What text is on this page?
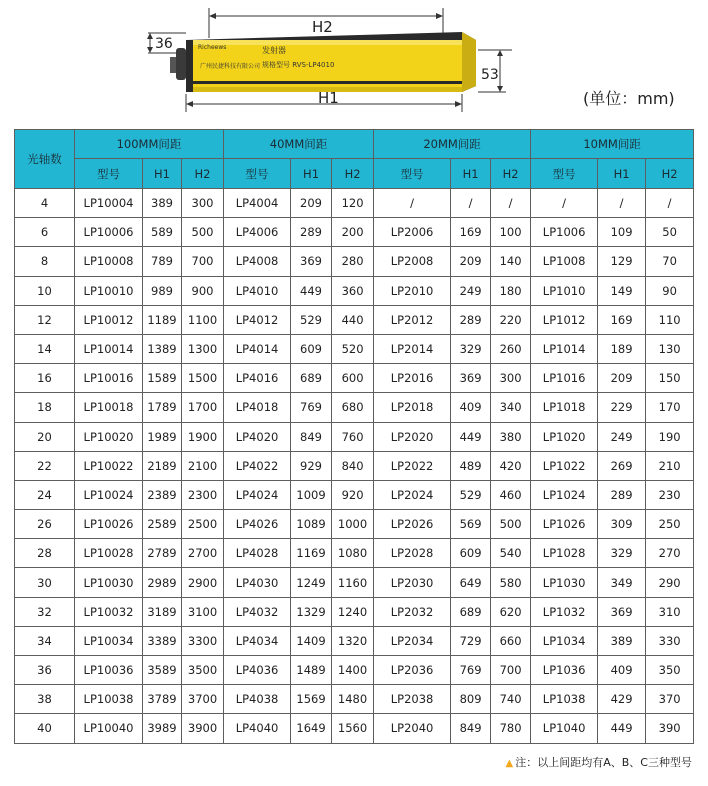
H2
H1
36
53
Richeews	发射器
广州民捷科技有限公司 规格型号 RVS-LP4010
(单位：mm)
光轴数	100MM间距			40MM间距			20MM间距			10MM间距		
	型号	H1	H2	型号	H1	H2	型号	H1	H2	型号	H1	H2
4	LP10004	389	300	LP4004	209	120	/	/	/	/	/	/
6	LP10006	589	500	LP4006	289	200	LP2006	169	100	LP1006	109	50
8	LP10008	789	700	LP4008	369	280	LP2008	209	140	LP1008	129	70
10	LP10010	989	900	LP4010	449	360	LP2010	249	180	LP1010	149	90
12	LP10012	1189	1100	LP4012	529	440	LP2012	289	220	LP1012	169	110
14	LP10014	1389	1300	LP4014	609	520	LP2014	329	260	LP1014	189	130
16	LP10016	1589	1500	LP4016	689	600	LP2016	369	300	LP1016	209	150
18	LP10018	1789	1700	LP4018	769	680	LP2018	409	340	LP1018	229	170
20	LP10020	1989	1900	LP4020	849	760	LP2020	449	380	LP1020	249	190
22	LP10022	2189	2100	LP4022	929	840	LP2022	489	420	LP1022	269	210
24	LP10024	2389	2300	LP4024	1009	920	LP2024	529	460	LP1024	289	230
26	LP10026	2589	2500	LP4026	1089	1000	LP2026	569	500	LP1026	309	250
28	LP10028	2789	2700	LP4028	1169	1080	LP2028	609	540	LP1028	329	270
30	LP10030	2989	2900	LP4030	1249	1160	LP2030	649	580	LP1030	349	290
32	LP10032	3189	3100	LP4032	1329	1240	LP2032	689	620	LP1032	369	310
34	LP10034	3389	3300	LP4034	1409	1320	LP2034	729	660	LP1034	389	330
36	LP10036	3589	3500	LP4036	1489	1400	LP2036	769	700	LP1036	409	350
38	LP10038	3789	3700	LP4038	1569	1480	LP2038	809	740	LP1038	429	370
40	LP10040	3989	3900	LP4040	1649	1560	LP2040	849	780	LP1040	449	390
▲ 注：以上间距均有A、B、C三种型号
